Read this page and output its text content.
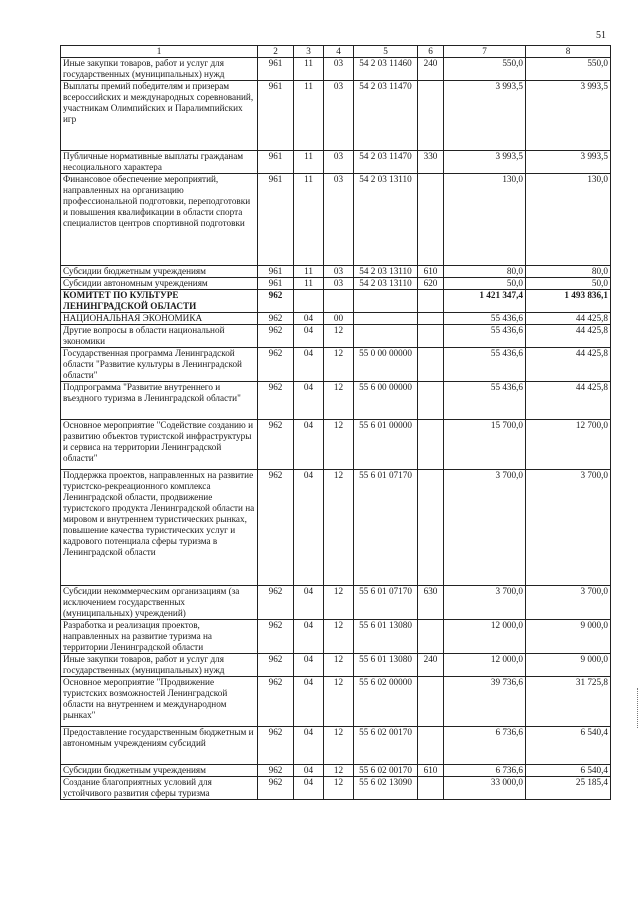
51
1	2	3	4	5	6	7	8
Иные закупки товаров, работ и услуг для государственных (муниципальных) нужд	961	11	03	54 2 03 11460	240	550,0	550,0
Выплаты премий победителям и призерам всероссийских и международных соревнований, участникам Олимпийских и Паралимпийских игр	961	11	03	54 2 03 11470		3 993,5	3 993,5
Публичные нормативные выплаты гражданам несоциального характера	961	11	03	54 2 03 11470	330	3 993,5	3 993,5
Финансовое обеспечение мероприятий, направленных на организацию профессиональной подготовки, переподготовки и повышения квалификации в области спорта специалистов центров спортивной подготовки	961	11	03	54 2 03 13110		130,0	130,0
Субсидии бюджетным учреждениям	961	11	03	54 2 03 13110	610	80,0	80,0
Субсидии автономным учреждениям	961	11	03	54 2 03 13110	620	50,0	50,0
КОМИТЕТ ПО КУЛЬТУРЕ ЛЕНИНГРАДСКОЙ ОБЛАСТИ	962					1 421 347,4	1 493 836,1
НАЦИОНАЛЬНАЯ ЭКОНОМИКА	962	04	00			55 436,6	44 425,8
Другие вопросы в области национальной экономики	962	04	12			55 436,6	44 425,8
Государственная программа Ленинградской области "Развитие культуры в Ленинградской области"	962	04	12	55 0 00 00000		55 436,6	44 425,8
Подпрограмма "Развитие внутреннего и въездного туризма в Ленинградской области"	962	04	12	55 6 00 00000		55 436,6	44 425,8
Основное мероприятие "Содействие созданию и развитию объектов туристской инфраструктуры и сервиса на территории Ленинградской области"	962	04	12	55 6 01 00000		15 700,0	12 700,0
Поддержка проектов, направленных на развитие туристско-рекреационного комплекса Ленинградской области, продвижение туристского продукта Ленинградской области на мировом и внутреннем туристических рынках, повышение качества туристических услуг и кадрового потенциала сферы туризма в Ленинградской области	962	04	12	55 6 01 07170		3 700,0	3 700,0
Субсидии некоммерческим организациям (за исключением государственных (муниципальных) учреждений)	962	04	12	55 6 01 07170	630	3 700,0	3 700,0
Разработка и реализация проектов, направленных на развитие туризма на территории Ленинградской области	962	04	12	55 6 01 13080		12 000,0	9 000,0
Иные закупки товаров, работ и услуг для государственных (муниципальных) нужд	962	04	12	55 6 01 13080	240	12 000,0	9 000,0
Основное мероприятие "Продвижение туристских возможностей Ленинградской области на внутреннем и международном рынках"	962	04	12	55 6 02 00000		39 736,6	31 725,8
Предоставление государственным бюджетным и автономным учреждениям субсидий	962	04	12	55 6 02 00170		6 736,6	6 540,4
Субсидии бюджетным учреждениям	962	04	12	55 6 02 00170	610	6 736,6	6 540,4
Создание благоприятных условий для устойчивого развития сферы туризма	962	04	12	55 6 02 13090		33 000,0	25 185,4
